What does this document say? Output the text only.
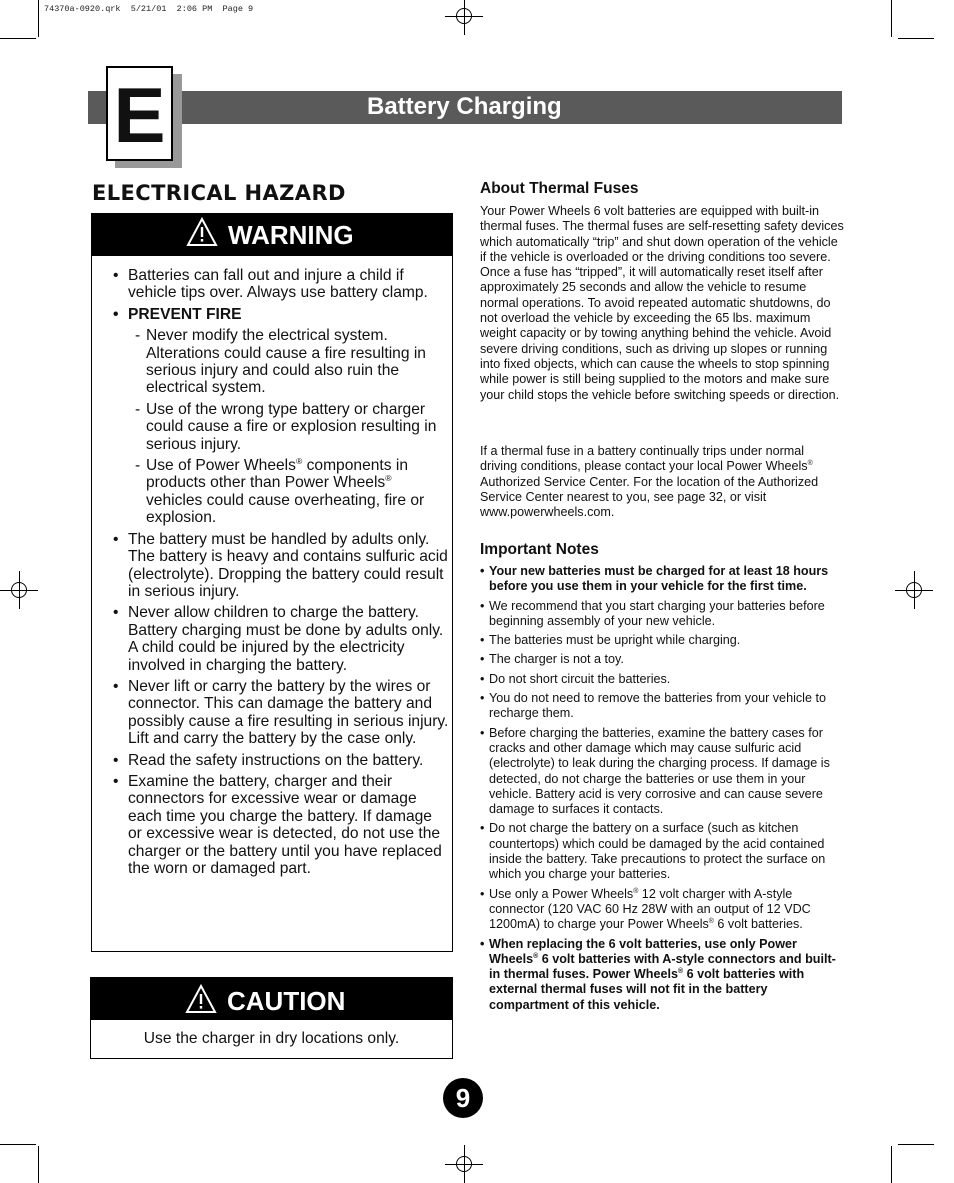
74370a-0920.qrk  5/21/01  2:06 PM  Page 9
Battery Charging
E
ELECTRICAL HAZARD
WARNING
• Batteries can fall out and injure a child if vehicle tips over. Always use battery clamp.
• PREVENT FIRE
- Never modify the electrical system. Alterations could cause a fire resulting in serious injury and could also ruin the electrical system.
- Use of the wrong type battery or charger could cause a fire or explosion resulting in serious injury.
- Use of Power Wheels® components in products other than Power Wheels® vehicles could cause overheating, fire or explosion.
• The battery must be handled by adults only. The battery is heavy and contains sulfuric acid (electrolyte). Dropping the battery could result in serious injury.
• Never allow children to charge the battery. Battery charging must be done by adults only. A child could be injured by the electricity involved in charging the battery.
• Never lift or carry the battery by the wires or connector. This can damage the battery and possibly cause a fire resulting in serious injury. Lift and carry the battery by the case only.
• Read the safety instructions on the battery.
• Examine the battery, charger and their connectors for excessive wear or damage each time you charge the battery. If damage or excessive wear is detected, do not use the charger or the battery until you have replaced the worn or damaged part.
CAUTION
Use the charger in dry locations only.
About Thermal Fuses
Your Power Wheels 6 volt batteries are equipped with built-in thermal fuses. The thermal fuses are self-resetting safety devices which automatically “trip” and shut down operation of the vehicle if the vehicle is overloaded or the driving conditions too severe. Once a fuse has “tripped”, it will automatically reset itself after approximately 25 seconds and allow the vehicle to resume normal operations. To avoid repeated automatic shutdowns, do not overload the vehicle by exceeding the 65 lbs. maximum weight capacity or by towing anything behind the vehicle. Avoid severe driving conditions, such as driving up slopes or running into fixed objects, which can cause the wheels to stop spinning while power is still being supplied to the motors and make sure your child stops the vehicle before switching speeds or direction.
If a thermal fuse in a battery continually trips under normal driving conditions, please contact your local Power Wheels® Authorized Service Center. For the location of the Authorized Service Center nearest to you, see page 32, or visit www.powerwheels.com.
Important Notes
• Your new batteries must be charged for at least 18 hours before you use them in your vehicle for the first time.
• We recommend that you start charging your batteries before beginning assembly of your new vehicle.
• The batteries must be upright while charging.
• The charger is not a toy.
• Do not short circuit the batteries.
• You do not need to remove the batteries from your vehicle to recharge them.
• Before charging the batteries, examine the battery cases for cracks and other damage which may cause sulfuric acid (electrolyte) to leak during the charging process. If damage is detected, do not charge the batteries or use them in your vehicle. Battery acid is very corrosive and can cause severe damage to surfaces it contacts.
• Do not charge the battery on a surface (such as kitchen countertops) which could be damaged by the acid contained inside the battery. Take precautions to protect the surface on which you charge your batteries.
• Use only a Power Wheels® 12 volt charger with A-style connector (120 VAC 60 Hz 28W with an output of 12 VDC 1200mA) to charge your Power Wheels® 6 volt batteries.
• When replacing the 6 volt batteries, use only Power Wheels® 6 volt batteries with A-style connectors and built-in thermal fuses. Power Wheels® 6 volt batteries with external thermal fuses will not fit in the battery compartment of this vehicle.
9
